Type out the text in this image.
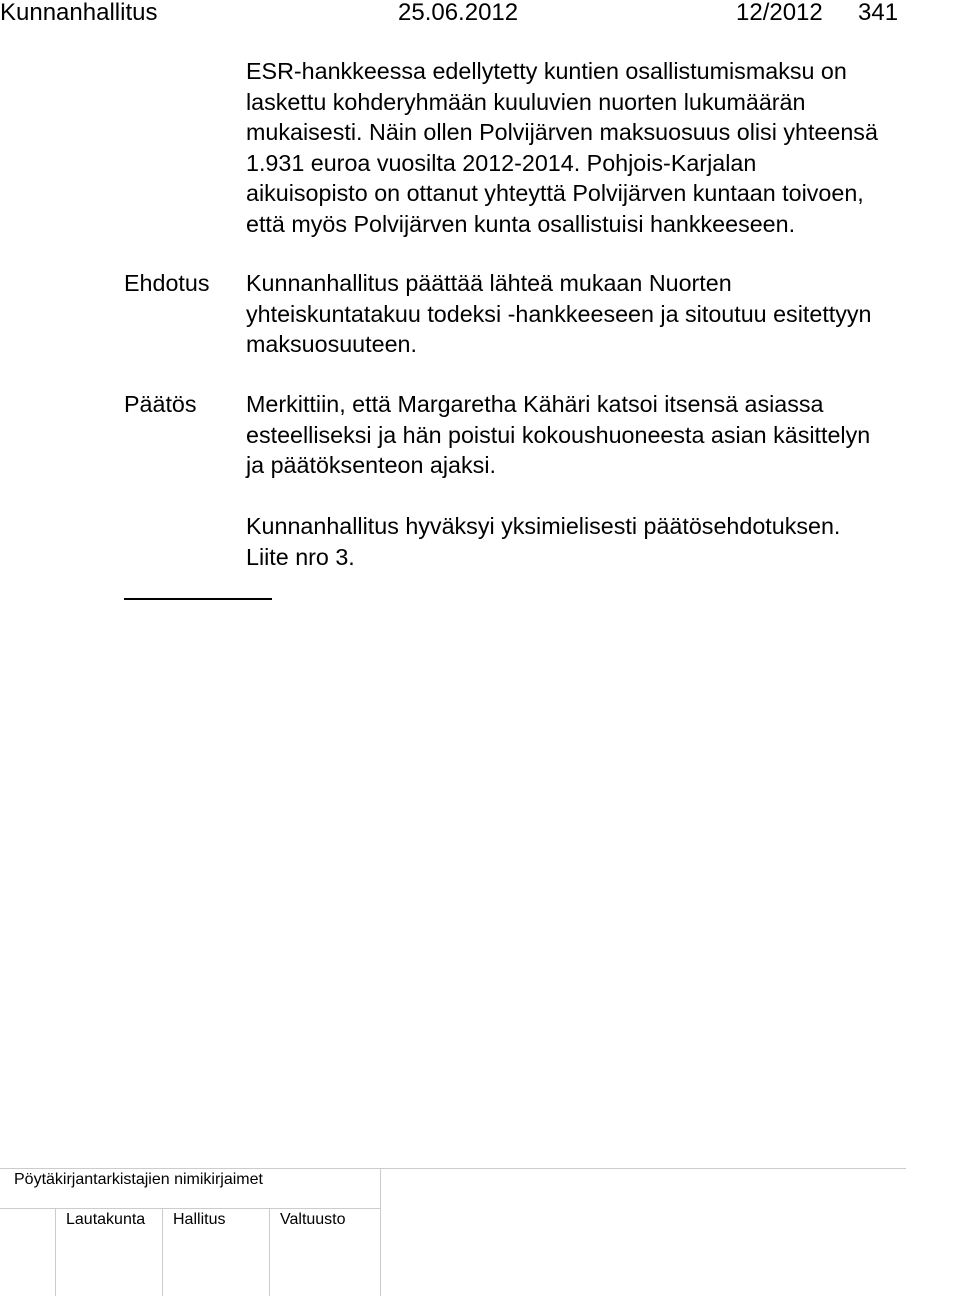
Kunnanhallitus	25.06.2012	12/2012 341
ESR-hankkeessa edellytetty kuntien osallistumismaksu on
laskettu kohderyhmään kuuluvien nuorten lukumäärän
mukaisesti. Näin ollen Polvijärven maksuosuus olisi yhteensä
1.931 euroa vuosilta 2012-2014. Pohjois-Karjalan
aikuisopisto on ottanut yhteyttä Polvijärven kuntaan toivoen,
että myös Polvijärven kunta osallistuisi hankkeeseen.
Ehdotus Kunnanhallitus päättää lähteä mukaan Nuorten
yhteiskuntatakuu todeksi -hankkeeseen ja sitoutuu esitettyyn
maksuosuuteen.
Päätös Merkittiin, että Margaretha Kähäri katsoi itsensä asiassa
esteelliseksi ja hän poistui kokoushuoneesta asian käsittelyn
ja päätöksenteon ajaksi.
Kunnanhallitus hyväksyi yksimielisesti päätösehdotuksen.
Liite nro 3.
Pöytäkirjantarkistajien nimikirjaimet
Lautakunta Hallitus	Valtuusto
